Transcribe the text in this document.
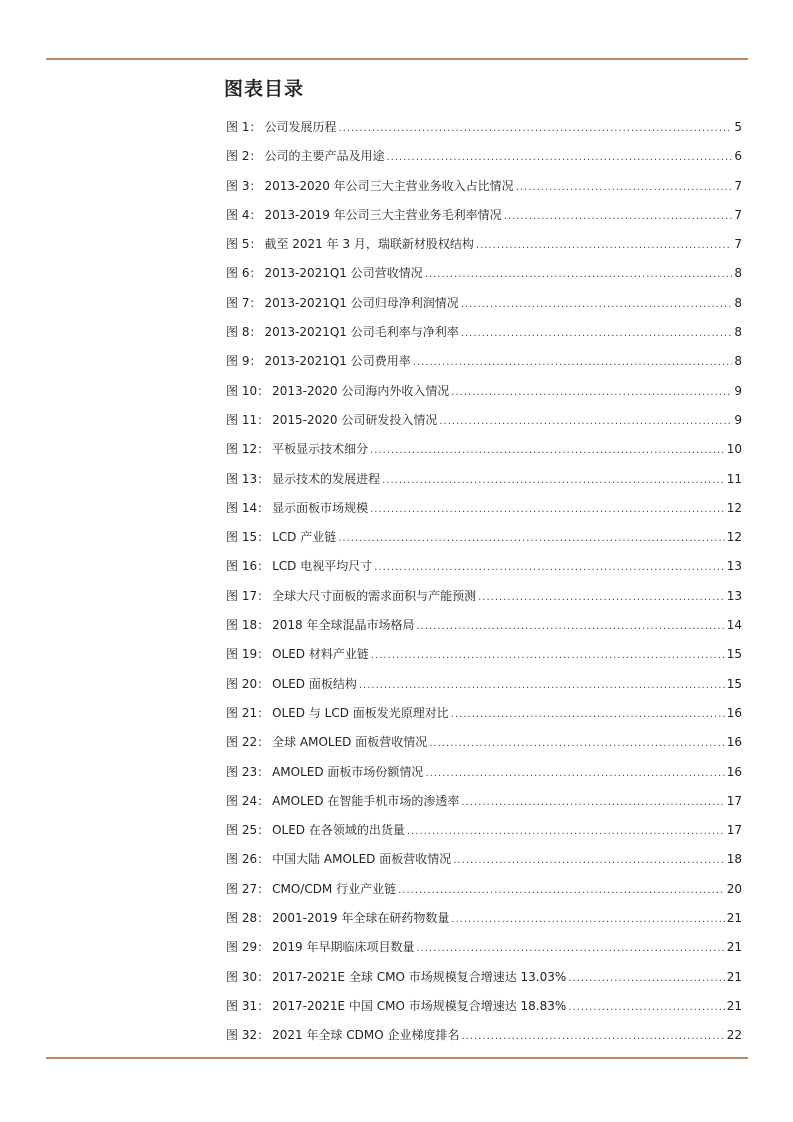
图表目录
图 1： 公司发展历程 .....	5
图 2： 公司的主要产品及用途 .....	6
图 3： 2013-2020 年公司三大主营业务收入占比情况 .....	7
图 4： 2013-2019 年公司三大主营业务毛利率情况 .....	7
图 5： 截至 2021 年 3 月，瑞联新材股权结构 .....	7
图 6： 2013-2021Q1 公司营收情况 .....	8
图 7： 2013-2021Q1 公司归母净利润情况 .....	8
图 8： 2013-2021Q1 公司毛利率与净利率 .....	8
图 9： 2013-2021Q1 公司费用率 .....	8
图 10： 2013-2020 公司海内外收入情况 .....	9
图 11： 2015-2020 公司研发投入情况 .....	9
图 12： 平板显示技术细分 .....	10
图 13： 显示技术的发展进程 .....	11
图 14： 显示面板市场规模 .....	12
图 15： LCD 产业链 .....	12
图 16： LCD 电视平均尺寸 .....	13
图 17： 全球大尺寸面板的需求面积与产能预测 .....	13
图 18： 2018 年全球混晶市场格局 .....	14
图 19： OLED 材料产业链 .....	15
图 20： OLED 面板结构 .....	15
图 21： OLED 与 LCD 面板发光原理对比 .....	16
图 22： 全球 AMOLED 面板营收情况 .....	16
图 23： AMOLED 面板市场份额情况 .....	16
图 24： AMOLED 在智能手机市场的渗透率 .....	17
图 25： OLED 在各领域的出货量 .....	17
图 26： 中国大陆 AMOLED 面板营收情况 .....	18
图 27： CMO/CDM 行业产业链 .....	20
图 28： 2001-2019 年全球在研药物数量 .....	21
图 29： 2019 年早期临床项目数量 .....	21
图 30： 2017-2021E 全球 CMO 市场规模复合增速达 13.03% .....	21
图 31： 2017-2021E 中国 CMO 市场规模复合增速达 18.83% .....	21
图 32： 2021 年全球 CDMO 企业梯度排名 .....	22
